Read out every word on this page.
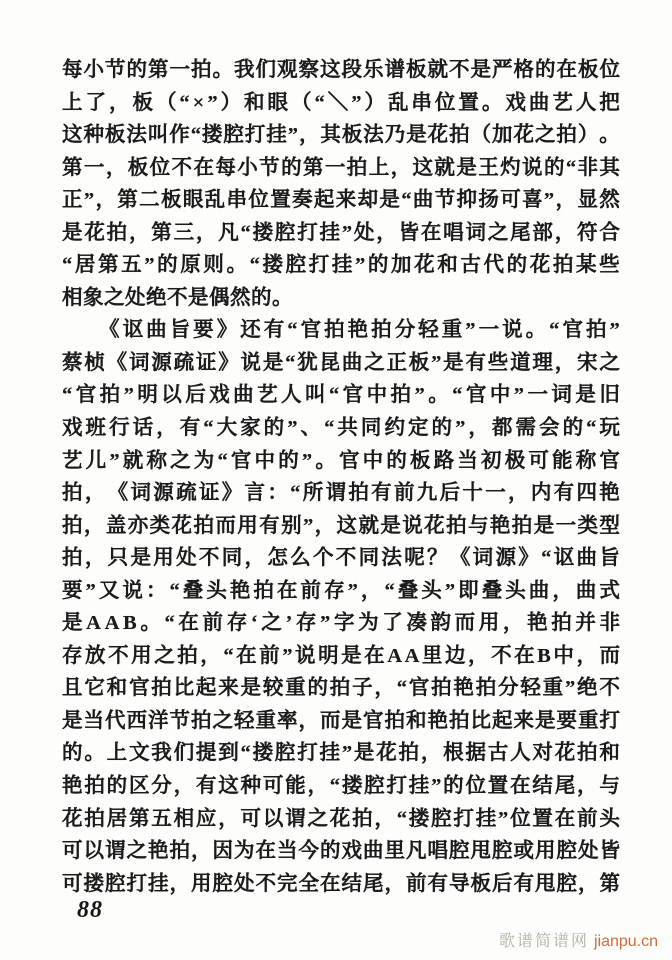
每 小 节 的 第 一 拍 。 我 们 观 察 这 段 乐 谱 板 就 不 是 严 格 的 在 板 位
上 了 ， 板 （ “ × ” ） 和 眼 （ “ ＼ ” ） 乱 串 位 置 。 戏 曲 艺 人 把
这 种 板 法 叫 作 “ 搂 腔 打 挂 ” ， 其 板 法 乃 是 花 拍 （ 加 花 之 拍 ） 。
第 一 ， 板 位 不 在 每 小 节 的 第 一 拍 上 ， 这 就 是 王 灼 说 的 “ 非 其
正 ” ， 第 二 板 眼 乱 串 位 置 奏 起 来 却 是 “ 曲 节 抑 扬 可 喜 ” ， 显 然
是 花 拍 ， 第 三 ， 凡 “ 搂 腔 打 挂 ” 处 ， 皆 在 唱 词 之 尾 部 ， 符 合
“ 居 第 五 ” 的 原 则 。 “ 搂 腔 打 挂 ” 的 加 花 和 古 代 的 花 拍 某 些
相 象 之 处 绝 不 是 偶 然 的 。
《 讴 曲 旨 要 》 还 有 “ 官 拍 艳 拍 分 轻 重 ” 一 说 。 “ 官 拍 ”
蔡 桢 《 词 源 疏 证 》 说 是 “ 犹 昆 曲 之 正 板 ” 是 有 些 道 理 ， 宋 之
“ 官 拍 ” 明 以 后 戏 曲 艺 人 叫 “ 官 中 拍 ” 。 “ 官 中 ” 一 词 是 旧
戏 班 行 话 ， 有 “ 大 家 的 ” 、 “ 共 同 约 定 的 ” ， 都 需 会 的 “ 玩
艺 儿 ” 就 称 之 为 “ 官 中 的 ” 。 官 中 的 板 路 当 初 极 可 能 称 官
拍 ， 《 词 源 疏 证 》 言 ： “ 所 谓 拍 有 前 九 后 十 一 ， 内 有 四 艳
拍 ， 盖 亦 类 花 拍 而 用 有 别 ” ， 这 就 是 说 花 拍 与 艳 拍 是 一 类 型
拍 ， 只 是 用 处 不 同 ， 怎 么 个 不 同 法 呢 ？ 《 词 源 》 “ 讴 曲 旨
要 ” 又 说 ： “ 叠 头 艳 拍 在 前 存 ” ， “ 叠 头 ” 即 叠 头 曲 ， 曲 式
是 A A B 。 “ 在 前 存 ‘ 之 ’ 存 ” 字 为 了 凑 韵 而 用 ， 艳 拍 并 非
存 放 不 用 之 拍 ， “ 在 前 ” 说 明 是 在 A A 里 边 ， 不 在 B 中 ， 而
且 它 和 官 拍 比 起 来 是 较 重 的 拍 子 ， “ 官 拍 艳 拍 分 轻 重 ” 绝 不
是 当 代 西 洋 节 拍 之 轻 重 率 ， 而 是 官 拍 和 艳 拍 比 起 来 是 要 重 打
的 。 上 文 我 们 提 到 “ 搂 腔 打 挂 ” 是 花 拍 ， 根 据 古 人 对 花 拍 和
艳 拍 的 区 分 ， 有 这 种 可 能 ， “ 搂 腔 打 挂 ” 的 位 置 在 结 尾 ， 与
花 拍 居 第 五 相 应 ， 可 以 谓 之 花 拍 ， “ 搂 腔 打 挂 ” 位 置 在 前 头
可 以 谓 之 艳 拍 ， 因 为 在 当 今 的 戏 曲 里 凡 唱 腔 甩 腔 或 用 腔 处 皆
可 搂 腔 打 挂 ， 用 腔 处 不 完 全 在 结 尾 ， 前 有 导 板 后 有 甩 腔 ， 第
88
歌谱简谱网 jianpu.cn
